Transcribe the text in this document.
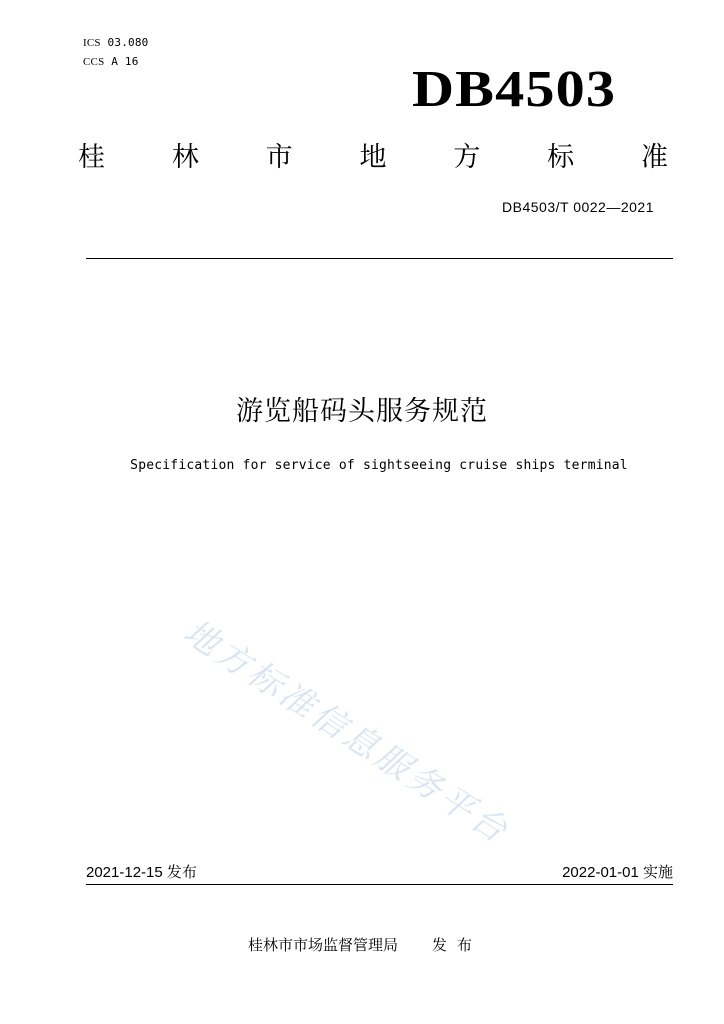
ICS 03.080
CCS A 16	DB4503
桂 林 市 地 方 标 准
DB4503/T 0022—2021
游览船码头服务规范
Specification for service of sightseeing cruise ships terminal
地方标准信息服务平台
2021-12-15 发布	2022-01-01 实施
桂林市市场监督管理局 发布
